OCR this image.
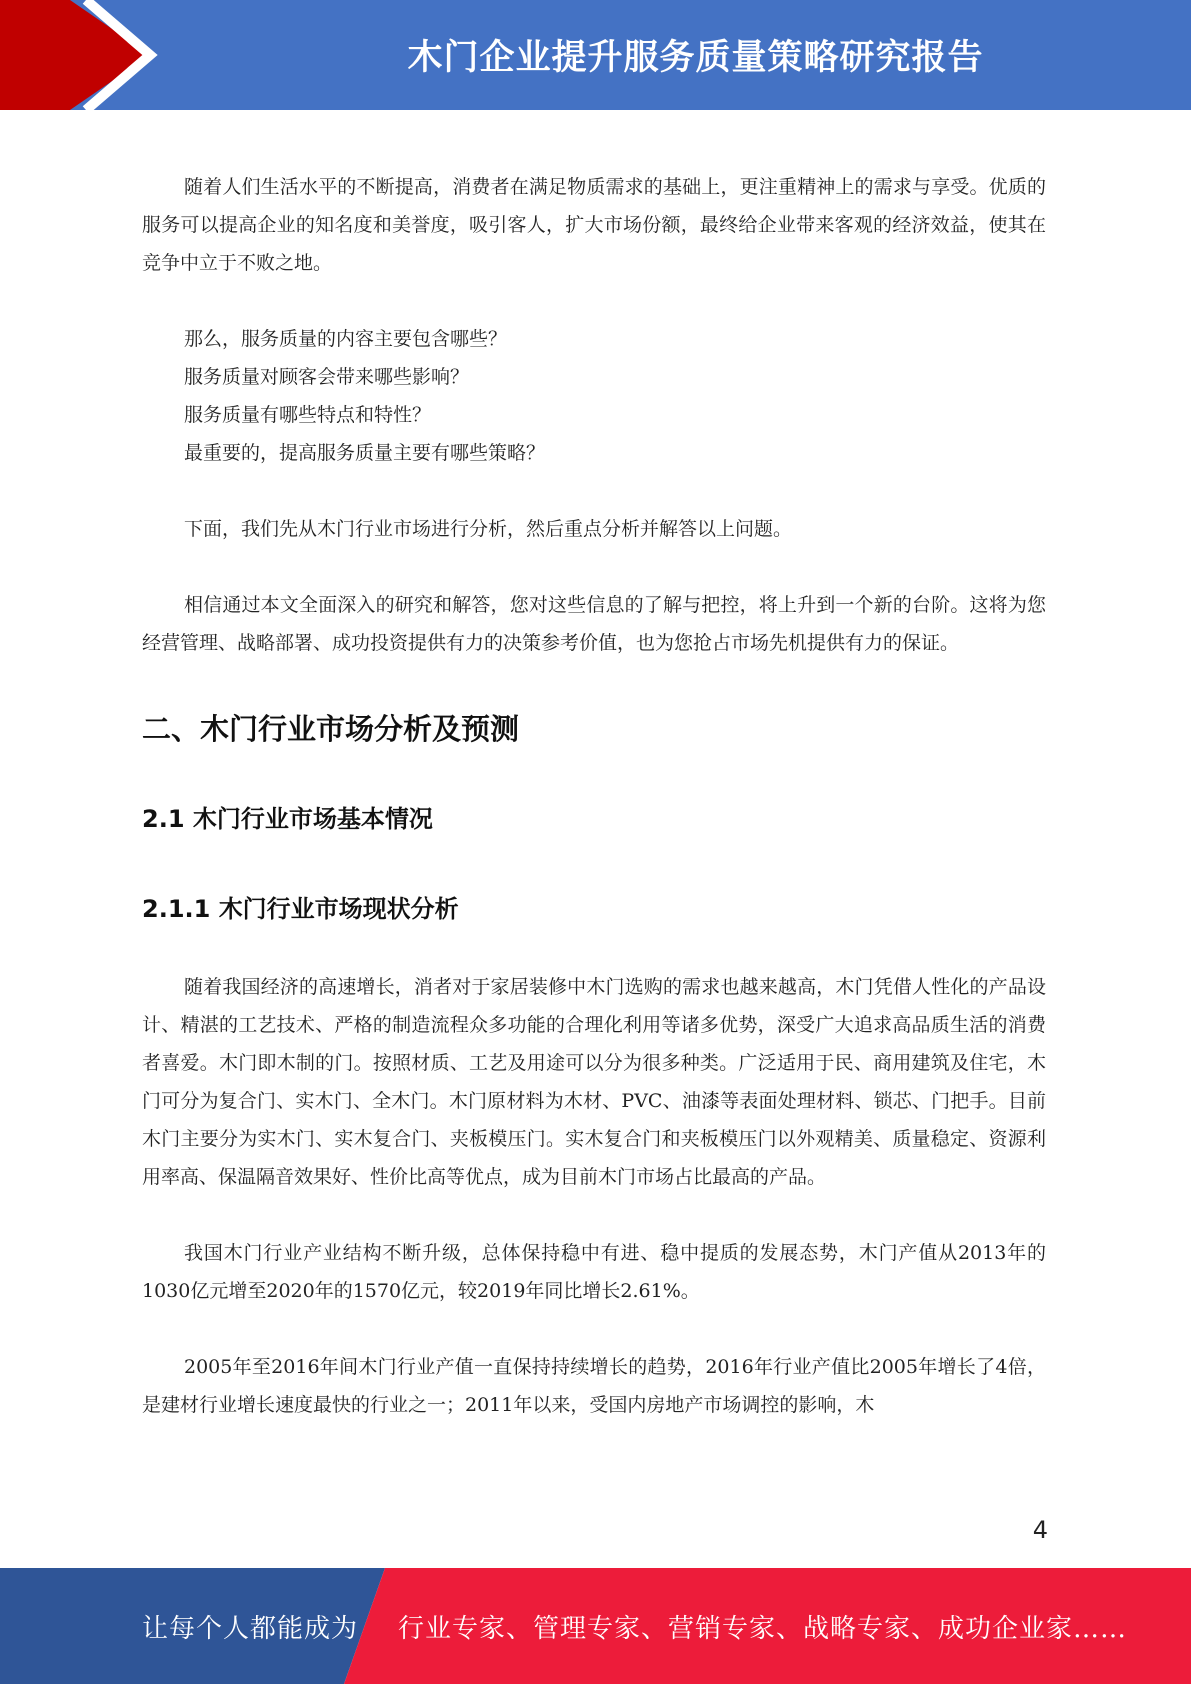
木门企业提升服务质量策略研究报告

随着人们生活水平的不断提高，消费者在满足物质需求的基础上，更注重精神上的需求与享受。优质的服务可以提高企业的知名度和美誉度，吸引客人，扩大市场份额，最终给企业带来客观的经济效益，使其在竞争中立于不败之地。

那么，服务质量的内容主要包含哪些？

服务质量对顾客会带来哪些影响？

服务质量有哪些特点和特性？

最重要的，提高服务质量主要有哪些策略？

下面，我们先从木门行业市场进行分析，然后重点分析并解答以上问题。

相信通过本文全面深入的研究和解答，您对这些信息的了解与把控，将上升到一个新的台阶。这将为您经营管理、战略部署、成功投资提供有力的决策参考价值，也为您抢占市场先机提供有力的保证。

二、木门行业市场分析及预测
2.1 木门行业市场基本情况
2.1.1 木门行业市场现状分析

随着我国经济的高速增长，消者对于家居装修中木门选购的需求也越来越高，木门凭借人性化的产品设计、精湛的工艺技术、严格的制造流程众多功能的合理化利用等诸多优势，深受广大追求高品质生活的消费者喜爱。木门即木制的门。按照材质、工艺及用途可以分为很多种类。广泛适用于民、商用建筑及住宅，木门可分为复合门、实木门、全木门。木门原材料为木材、PVC、油漆等表面处理材料、锁芯、门把手。目前木门主要分为实木门、实木复合门、夹板模压门。实木复合门和夹板模压门以外观精美、质量稳定、资源利用率高、保温隔音效果好、性价比高等优点，成为目前木门市场占比最高的产品。

我国木门行业产业结构不断升级，总体保持稳中有进、稳中提质的发展态势，木门产值从2013年的1030亿元增至2020年的1570亿元，较2019年同比增长2.61%。

2005年至2016年间木门行业产值一直保持持续增长的趋势，2016年行业产值比2005年增长了4倍，是建材行业增长速度最快的行业之一；2011年以来，受国内房地产市场调控的影响，木

4
让每个人都能成为 行业专家、管理专家、营销专家、战略专家、成功企业家……
